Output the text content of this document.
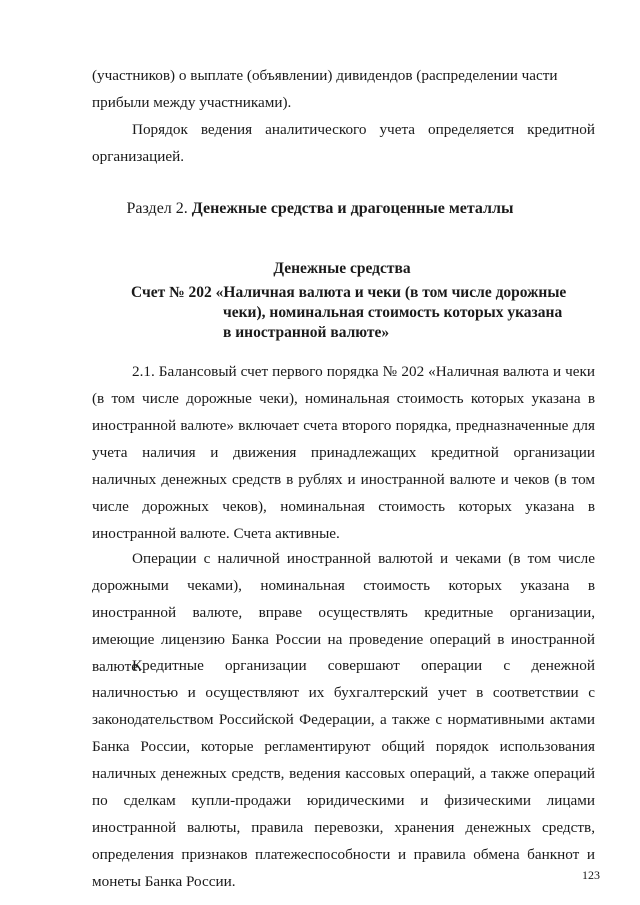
(участников) о выплате (объявлении) дивидендов (распределении части
прибыли между участниками).

Порядок ведения аналитического учета определяется кредитной организацией.

Раздел 2. Денежные средства и драгоценные металлы

Денежные средства

Счет № 202 «Наличная валюта и чеки (в том числе дорожные
чеки), номинальная стоимость которых указана
в иностранной валюте»

2.1. Балансовый счет первого порядка № 202 «Наличная валюта и чеки (в том числе дорожные чеки), номинальная стоимость которых указана в иностранной валюте» включает счета второго порядка, предназначенные для учета наличия и движения принадлежащих кредитной организации наличных денежных средств в рублях и иностранной валюте и чеков (в том числе дорожных чеков), номинальная стоимость которых указана в иностранной валюте. Счета активные.

Операции с наличной иностранной валютой и чеками (в том числе дорожными чеками), номинальная стоимость которых указана в иностранной валюте, вправе осуществлять кредитные организации, имеющие лицензию Банка России на проведение операций в иностранной валюте.

Кредитные организации совершают операции с денежной наличностью и осуществляют их бухгалтерский учет в соответствии с законодательством Российской Федерации, а также с нормативными актами Банка России, которые регламентируют общий порядок использования наличных денежных средств, ведения кассовых операций, а также операций по сделкам купли-продажи юридическими и физическими лицами иностранной валюты, правила перевозки, хранения денежных средств, определения признаков платежеспособности и правила обмена банкнот и монеты Банка России.	123
